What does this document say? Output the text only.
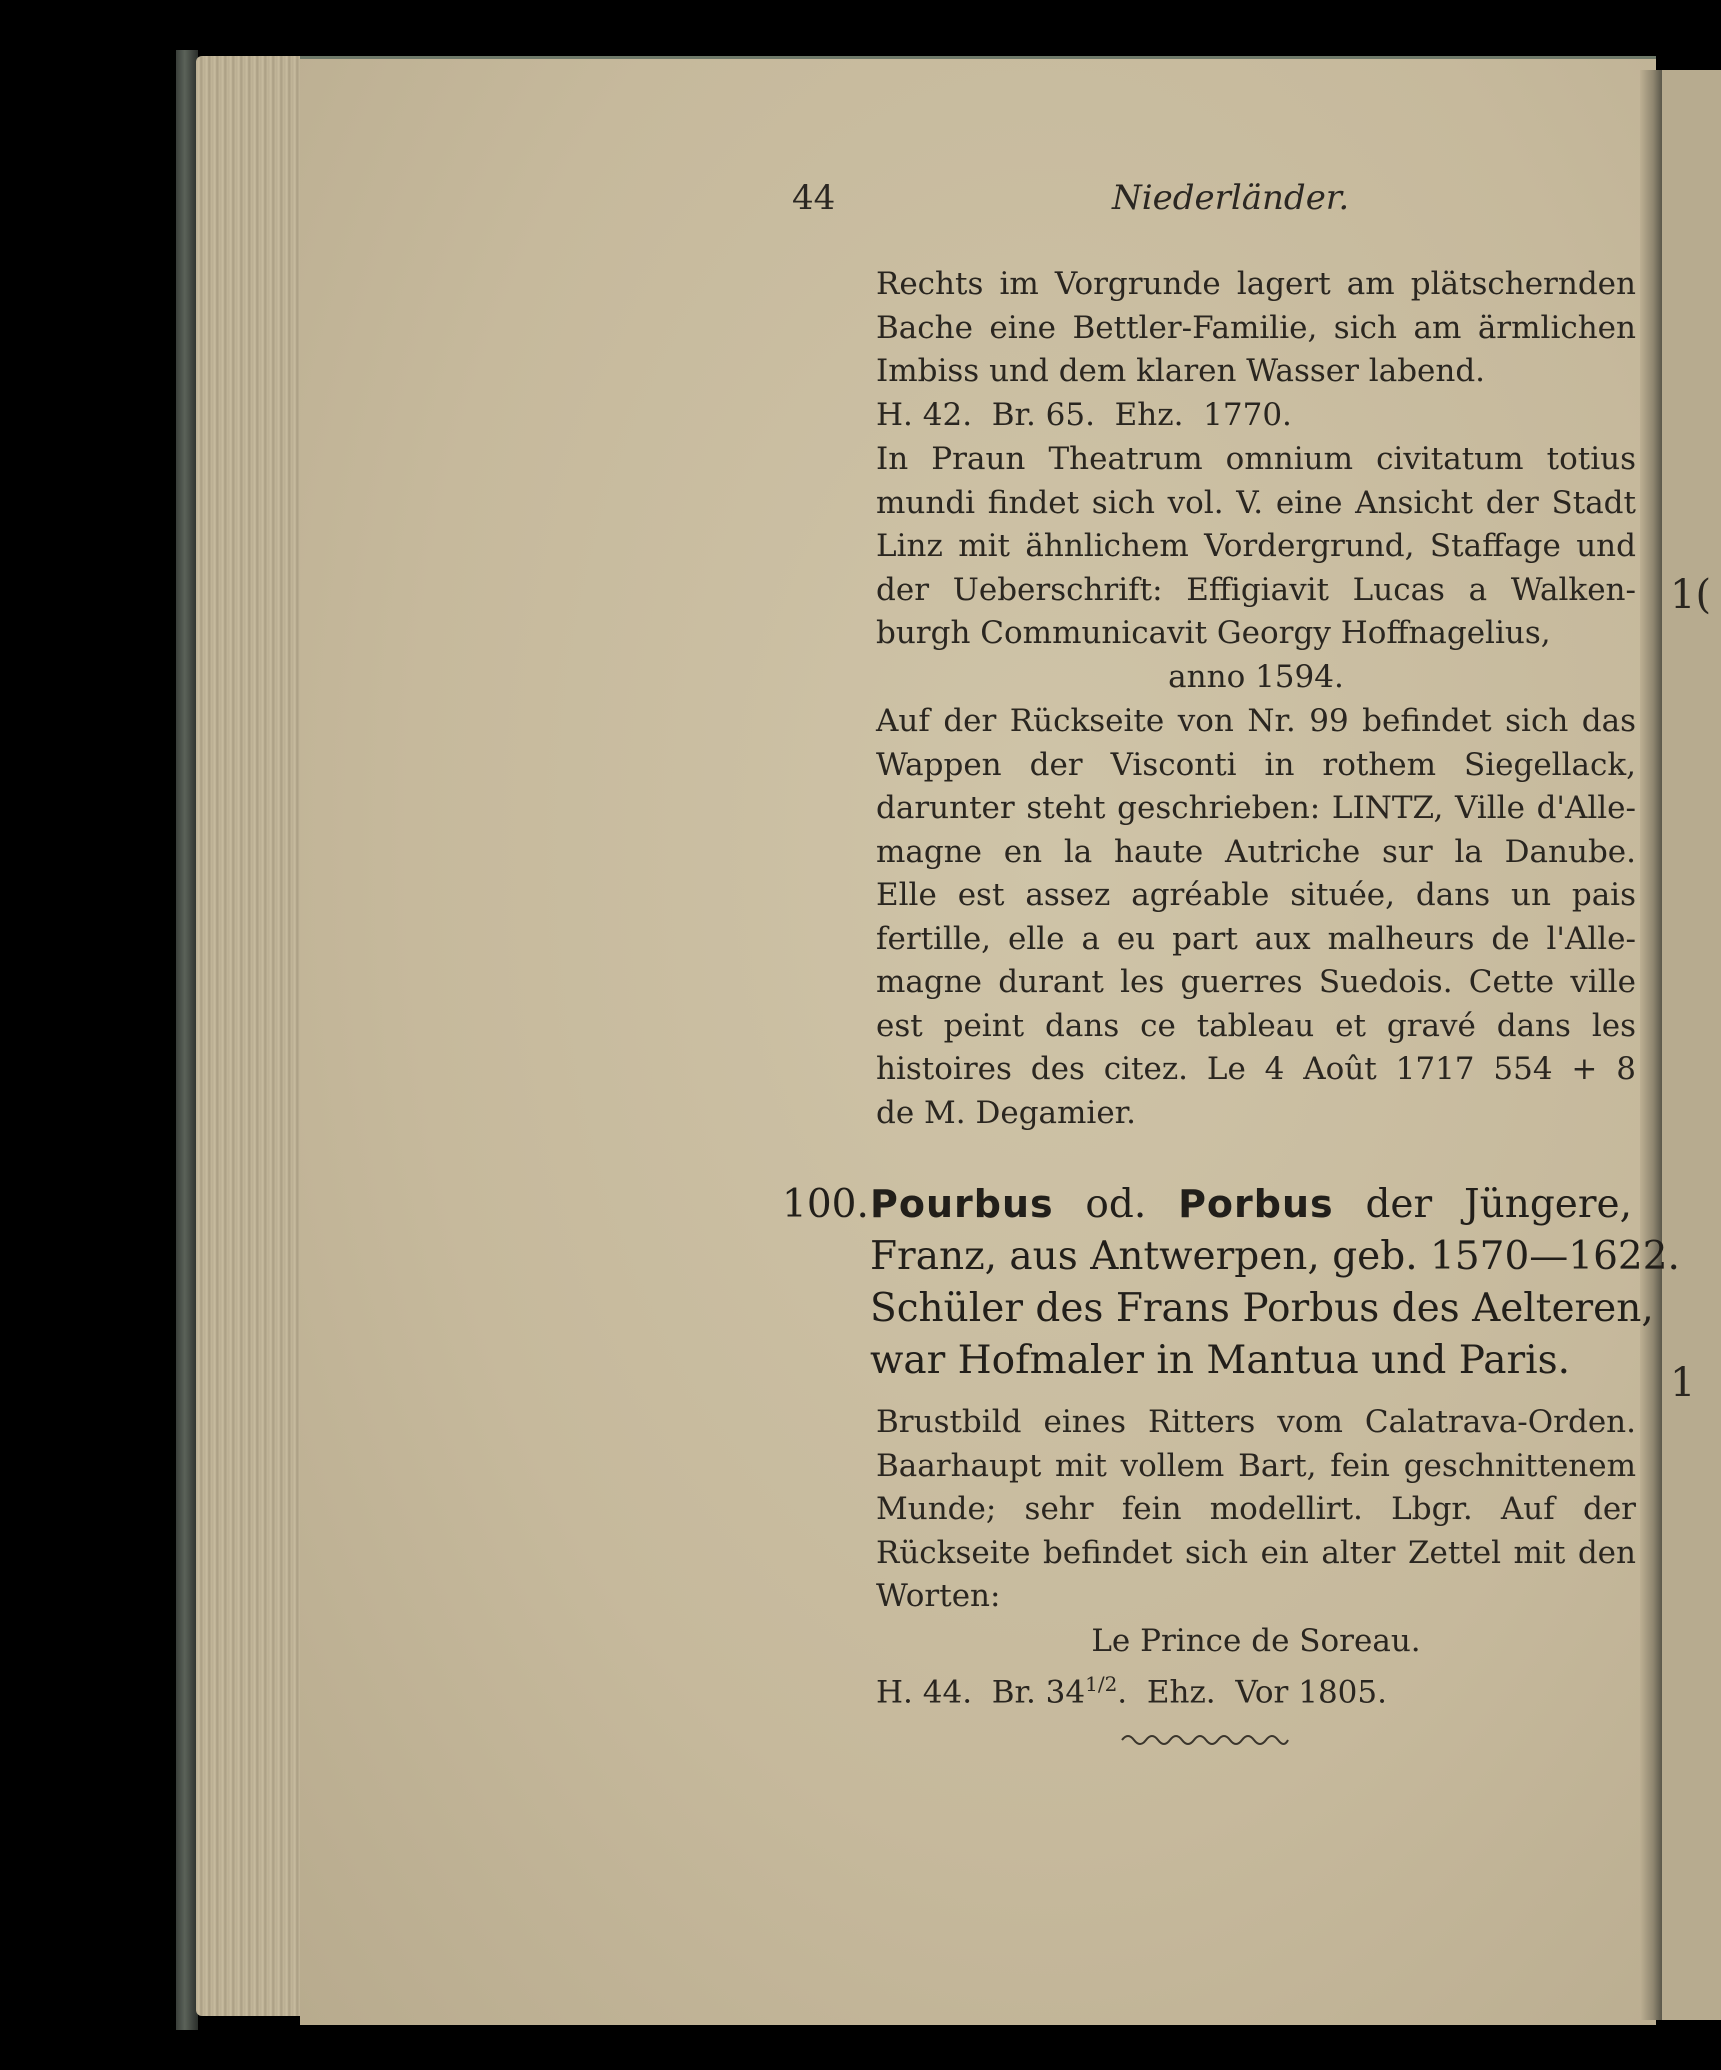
1(
1
44	Niederländer.
Rechts im Vorgrunde lagert am plätschernden
Bache eine Bettler-Familie, sich am ärmlichen
Imbiss und dem klaren Wasser labend.
H. 42.  Br. 65.  Ehz.  1770.
In Praun Theatrum omnium civitatum totius
mundi findet sich vol. V. eine Ansicht der Stadt
Linz mit ähnlichem Vordergrund, Staffage und
der Ueberschrift: Effigiavit Lucas a Walken-
burgh Communicavit Georgy Hoffnagelius,
anno 1594.
Auf der Rückseite von Nr. 99 befindet sich das
Wappen der Visconti in rothem Siegellack,
darunter steht geschrieben: LINTZ, Ville d'Alle-
magne en la haute Autriche sur la Danube.
Elle est assez agréable située, dans un pais
fertille, elle a eu part aux malheurs de l'Alle-
magne durant les guerres Suedois. Cette ville
est peint dans ce tableau et gravé dans les
histoires des citez. Le 4 Août 1717 554 + 8
de M. Degamier.
100.Pourbus od. Porbus der Jüngere,
Franz, aus Antwerpen, geb. 1570—1622.
Schüler des Frans Porbus des Aelteren,
war Hofmaler in Mantua und Paris.
Brustbild eines Ritters vom Calatrava-Orden.
Baarhaupt mit vollem Bart, fein geschnittenem
Munde; sehr fein modellirt. Lbgr. Auf der
Rückseite befindet sich ein alter Zettel mit den
Worten:
Le Prince de Soreau.
H. 44.  Br. $34^{1/2}$.  Ehz.  Vor 1805.
